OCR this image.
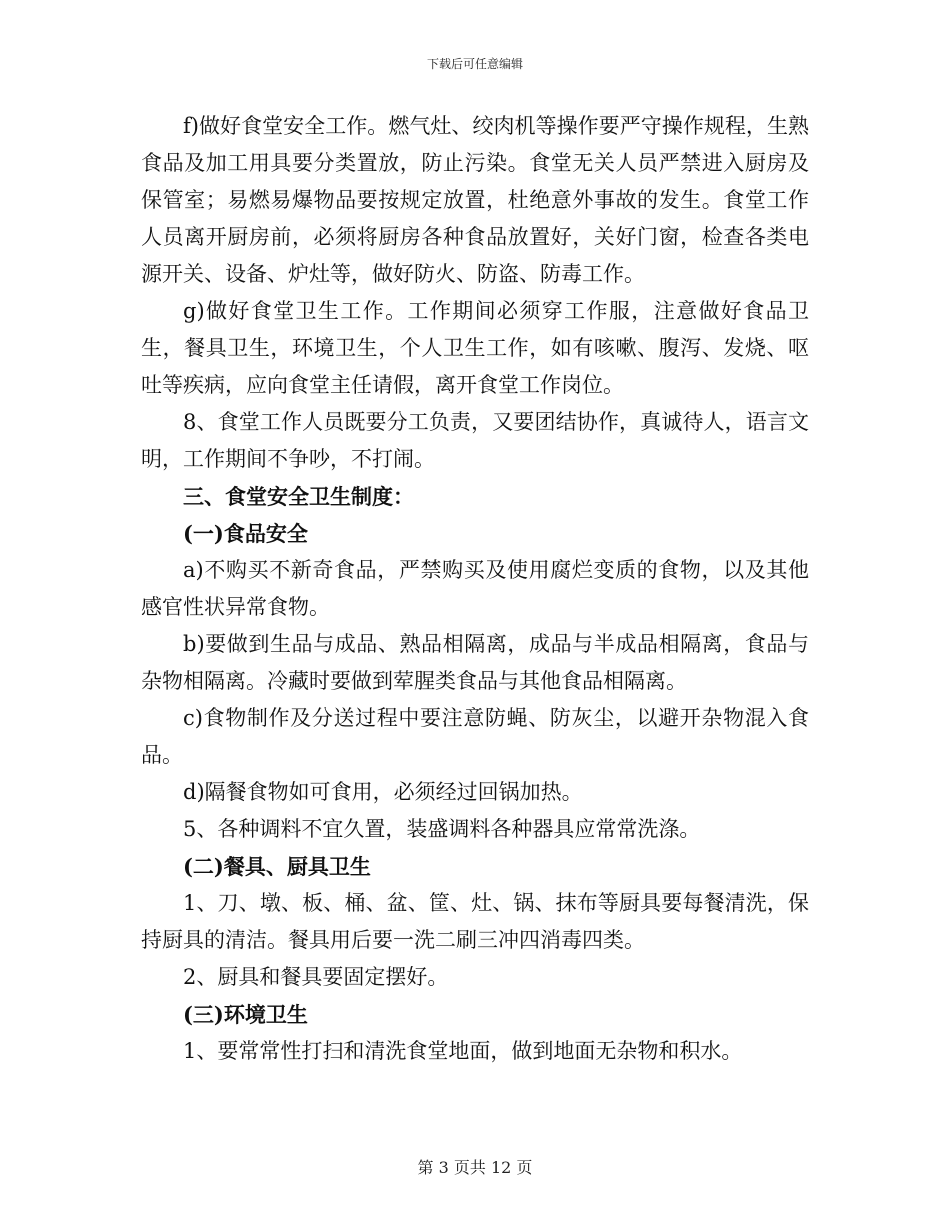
下载后可任意编辑

f)做好食堂安全工作。燃气灶、绞肉机等操作要严守操作规程，生熟食品及加工用具要分类置放，防止污染。食堂无关人员严禁进入厨房及保管室；易燃易爆物品要按规定放置，杜绝意外事故的发生。食堂工作人员离开厨房前，必须将厨房各种食品放置好，关好门窗，检查各类电源开关、设备、炉灶等，做好防火、防盗、防毒工作。

g)做好食堂卫生工作。工作期间必须穿工作服，注意做好食品卫生，餐具卫生，环境卫生，个人卫生工作，如有咳嗽、腹泻、发烧、呕吐等疾病，应向食堂主任请假，离开食堂工作岗位。

8、食堂工作人员既要分工负责，又要团结协作，真诚待人，语言文明，工作期间不争吵，不打闹。

三、食堂安全卫生制度：

(一)食品安全

a)不购买不新奇食品，严禁购买及使用腐烂变质的食物，以及其他感官性状异常食物。

b)要做到生品与成品、熟品相隔离，成品与半成品相隔离，食品与杂物相隔离。冷藏时要做到荤腥类食品与其他食品相隔离。

c)食物制作及分送过程中要注意防蝇、防灰尘，以避开杂物混入食品。

d)隔餐食物如可食用，必须经过回锅加热。

5、各种调料不宜久置，装盛调料各种器具应常常洗涤。

(二)餐具、厨具卫生

1、刀、墩、板、桶、盆、筐、灶、锅、抹布等厨具要每餐清洗，保持厨具的清洁。餐具用后要一洗二刷三冲四消毒四类。

2、厨具和餐具要固定摆好。

(三)环境卫生

1、要常常性打扫和清洗食堂地面，做到地面无杂物和积水。

第 3 页共 12 页
